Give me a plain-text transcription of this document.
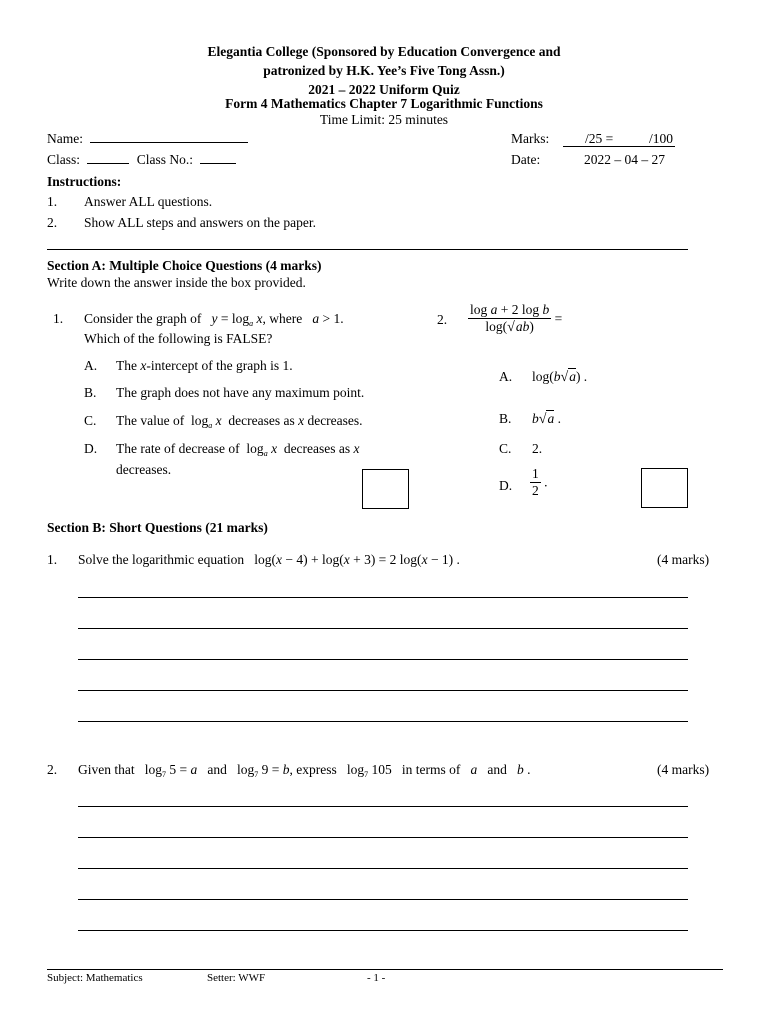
Elegantia College (Sponsored by Education Convergence and
patronized by H.K. Yee’s Five Tong Assn.)
2021 – 2022 Uniform Quiz
Form 4 Mathematics Chapter 7 Logarithmic Functions
Time Limit: 25 minutes
Name:	Marks:	/25 =	/100
Class:	Class No.:	Date:	2022 – 04 – 27
Instructions:
1. Answer ALL questions.
2. Show ALL steps and answers on the paper.
Section A: Multiple Choice Questions (4 marks)
Write down the answer inside the box provided.
1. Consider the graph of $y = \log_a x$, where a > 1.
Which of the following is FALSE?
A. The x-intercept of the graph is 1.
B. The graph does not have any maximum point.
C. The value of  $\log_a x$  decreases as x decreases.
D. The rate of decrease of  $\log_a x$  decreases as x
decreases.
2. $\frac{\text{log a + 2 log b}}{\log(√ab)}$ =
A. log(b√a) .
B. b√a .
C. 2.
D. $\frac{1}{2}$ .
Section B: Short Questions (21 marks)
1. Solve the logarithmic equation   log(x − 4) + log(x + 3) = 2 log(x − 1) .	(4 marks)
2. Given that   $\log_7 5 = a$ and   $\log_7 9 = b$, express   $\log_7 105$   in terms of a and b .	(4 marks)
Subject: Mathematics	Setter: WWF	- 1 -
